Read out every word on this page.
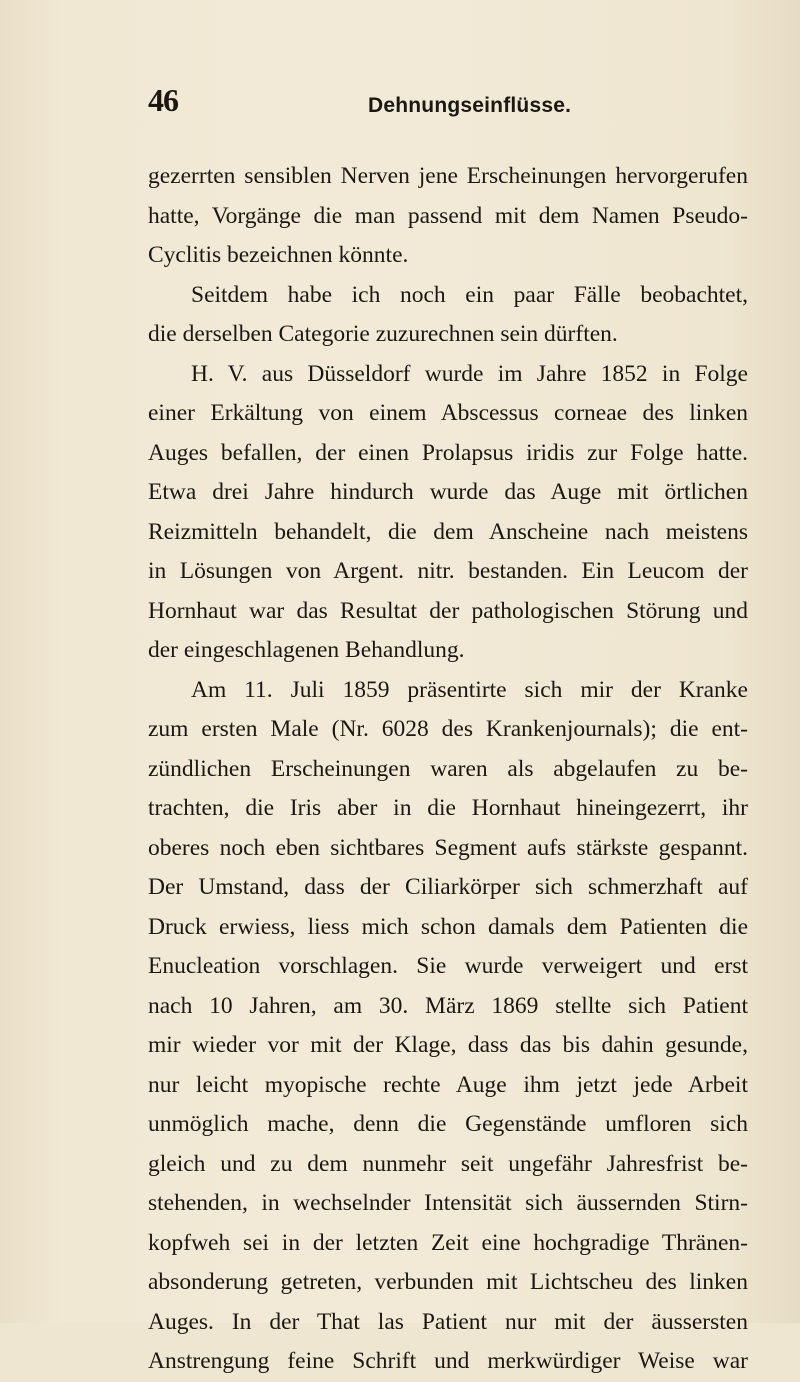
46	Dehnungseinflüsse.
gezerrten sensiblen Nerven jene Erscheinungen hervorgerufen
hatte, Vorgänge die man passend mit dem Namen Pseudo-
Cyclitis bezeichnen könnte.
Seitdem habe ich noch ein paar Fälle beobachtet,
die derselben Categorie zuzurechnen sein dürften.
H. V. aus Düsseldorf wurde im Jahre 1852 in Folge
einer Erkältung von einem Abscessus corneae des linken
Auges befallen, der einen Prolapsus iridis zur Folge hatte.
Etwa drei Jahre hindurch wurde das Auge mit örtlichen
Reizmitteln behandelt, die dem Anscheine nach meistens
in Lösungen von Argent. nitr. bestanden. Ein Leucom der
Hornhaut war das Resultat der pathologischen Störung und
der eingeschlagenen Behandlung.
Am 11. Juli 1859 präsentirte sich mir der Kranke
zum ersten Male (Nr. 6028 des Krankenjournals); die ent-
zündlichen Erscheinungen waren als abgelaufen zu be-
trachten, die Iris aber in die Hornhaut hineingezerrt, ihr
oberes noch eben sichtbares Segment aufs stärkste gespannt.
Der Umstand, dass der Ciliarkörper sich schmerzhaft auf
Druck erwiess, liess mich schon damals dem Patienten die
Enucleation vorschlagen. Sie wurde verweigert und erst
nach 10 Jahren, am 30. März 1869 stellte sich Patient
mir wieder vor mit der Klage, dass das bis dahin gesunde,
nur leicht myopische rechte Auge ihm jetzt jede Arbeit
unmöglich mache, denn die Gegenstände umfloren sich
gleich und zu dem nunmehr seit ungefähr Jahresfrist be-
stehenden, in wechselnder Intensität sich äussernden Stirn-
kopfweh sei in der letzten Zeit eine hochgradige Thränen-
absonderung getreten, verbunden mit Lichtscheu des linken
Auges. In der That las Patient nur mit der äussersten
Anstrengung feine Schrift und merkwürdiger Weise war
